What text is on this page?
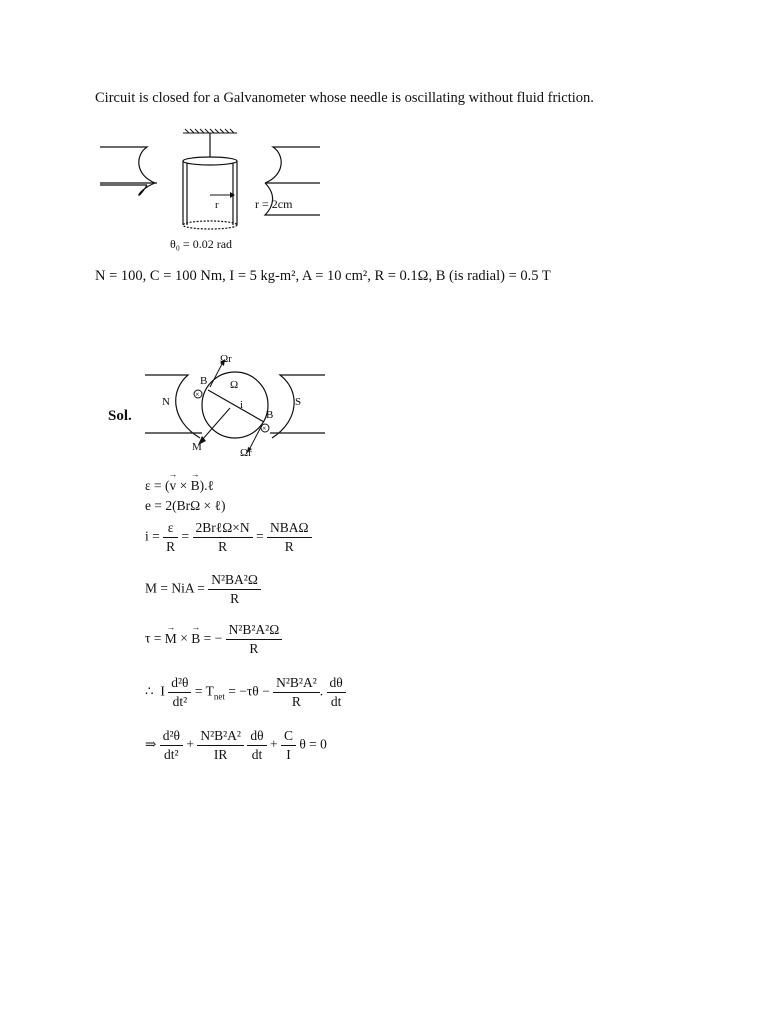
Circuit is closed for a Galvanometer whose needle is oscillating without fluid friction.
r	r = 2cm
θ₀ = 0.02 rad
N = 100, C = 100 Nm, I = 5 kg-m², A = 10 cm², R = 0.1Ω, B (is radial) = 0.5 T
Sol.
×
×
N	S
Ωr
Ωr
Ω
i
B
B
M
ε = (→ v × → B).ℓ
e = 2(BrΩ × ℓ)
$i = \frac{\varepsilon}{R} = \frac{\text{2BrℓΩ×N}}{R} = \frac{\text{NBAΩ}}{R}$
M = NiA = $\frac{\text{N²BA²Ω}}{R}$
τ = → M × → B = − $\frac{\text{N²B²A²Ω}}{R}$
∴ I $\frac{\text{d²θ}}{\text{dt²}} = T_{net} = -\tau\theta - \frac{\text{N²B²A²}}{R}$ . $\frac{d\theta}{dt}$
⇒ $\frac{\text{d²θ}}{\text{dt²}} + \frac{\text{N²B²A²}}{IR}$
$\frac{d\theta}{dt} + \frac{C}{I}$ θ = 0
